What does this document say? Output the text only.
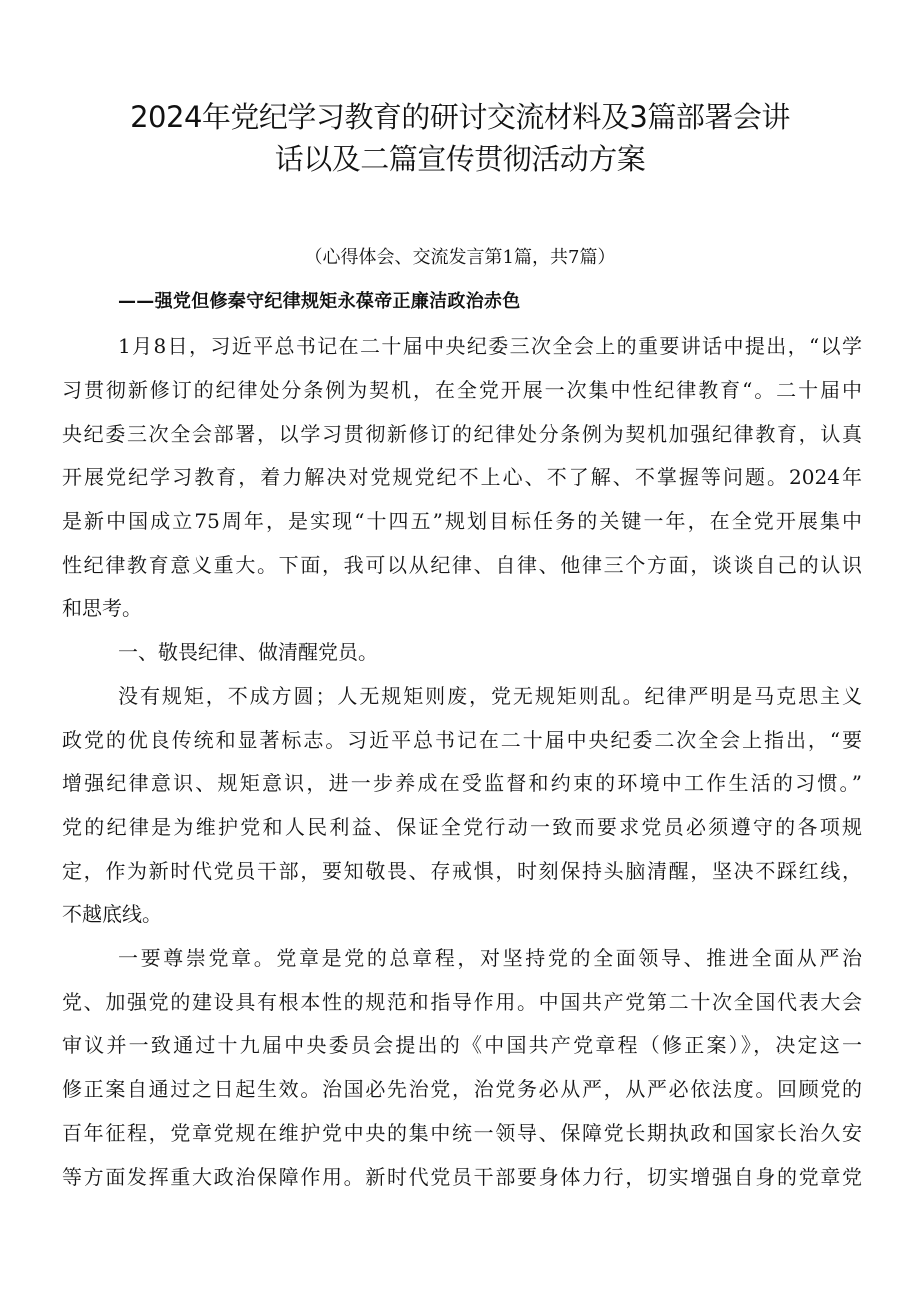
2024年党纪学习教育的研讨交流材料及3篇部署会讲
话以及二篇宣传贯彻活动方案
（心得体会、交流发言第1篇，共7篇）
——强党但修秦守纪律规矩永葆帝正廉洁政治赤色
1月8日，习近平总书记在二十届中央纪委三次全会上的重要讲话中提出，“以学
习贯彻新修订的纪律处分条例为契机，在全党开展一次集中性纪律教育“。二十届中
央纪委三次全会部署，以学习贯彻新修订的纪律处分条例为契机加强纪律教育，认真
开展党纪学习教育，着力解决对党规党纪不上心、不了解、不掌握等问题。2024年
是新中国成立75周年，是实现“十四五”规划目标任务的关键一年，在全党开展集中
性纪律教育意义重大。下面，我可以从纪律、自律、他律三个方面，谈谈自己的认识
和思考。
一、敬畏纪律、做清醒党员。
没有规矩，不成方圆；人无规矩则废，党无规矩则乱。纪律严明是马克思主义
政党的优良传统和显著标志。习近平总书记在二十届中央纪委二次全会上指出，“要
增强纪律意识、规矩意识，进一步养成在受监督和约束的环境中工作生活的习惯。”
党的纪律是为维护党和人民利益、保证全党行动一致而要求党员必须遵守的各项规
定，作为新时代党员干部，要知敬畏、存戒惧，时刻保持头脑清醒，坚决不踩红线，
不越底线。
一要尊崇党章。党章是党的总章程，对坚持党的全面领导、推进全面从严治
党、加强党的建设具有根本性的规范和指导作用。中国共产党第二十次全国代表大会
审议并一致通过十九届中央委员会提出的《中国共产党章程（修正案）》，决定这一
修正案自通过之日起生效。治国必先治党，治党务必从严，从严必依法度。回顾党的
百年征程，党章党规在维护党中央的集中统一领导、保障党长期执政和国家长治久安
等方面发挥重大政治保障作用。新时代党员干部要身体力行，切实增强自身的党章党
